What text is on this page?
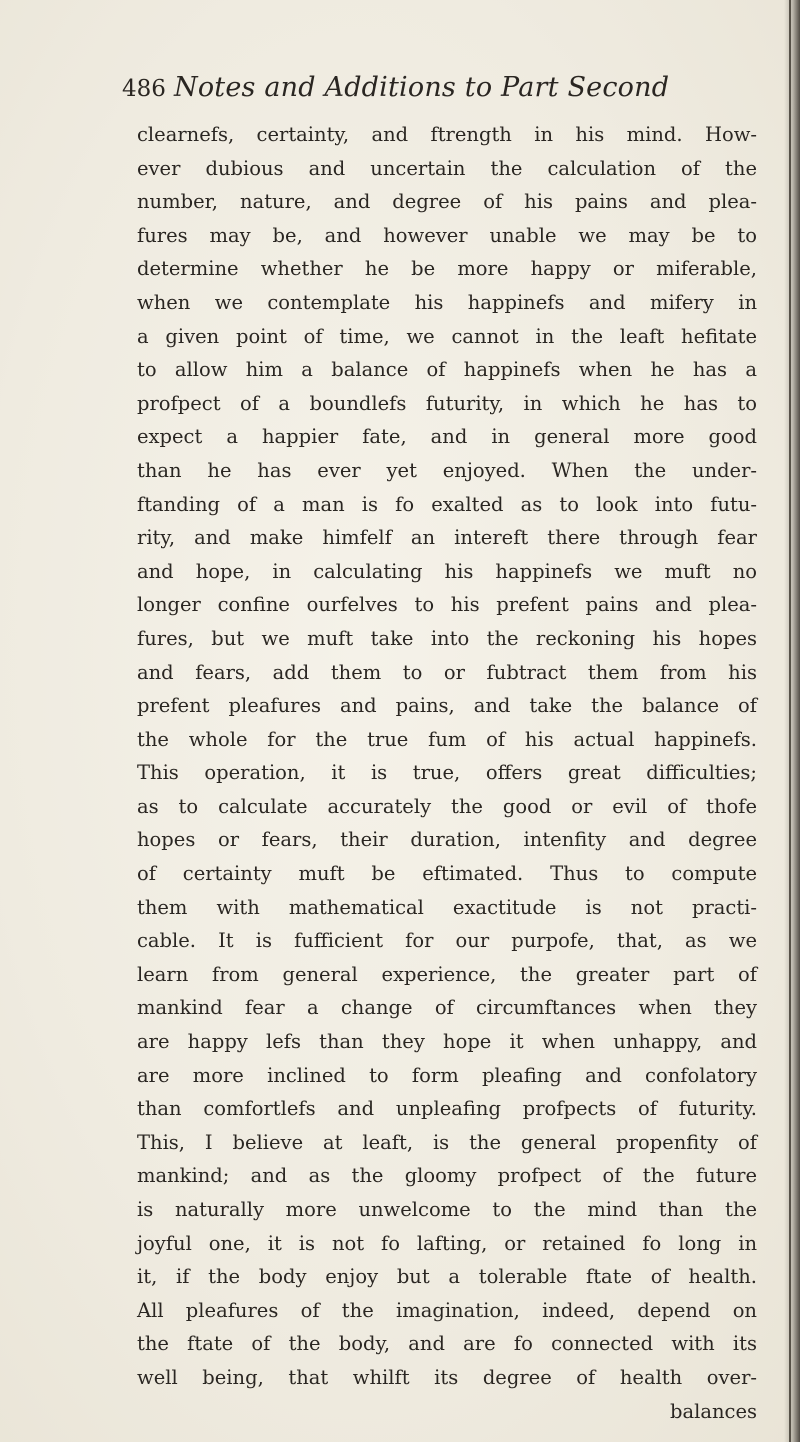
486 Notes and Additions to Part Second
clearnefs, certainty, and ftrength in his mind. How-
ever dubious and uncertain the calculation of the
number, nature, and degree of his pains and plea-
fures may be, and however unable we may be to
determine whether he be more happy or miferable,
when we contemplate his happinefs and mifery in
a given point of time, we cannot in the leaft hefitate
to allow him a balance of happinefs when he has a
profpect of a boundlefs futurity, in which he has to
expect a happier fate, and in general more good
than he has ever yet enjoyed. When the under-
ftanding of a man is fo exalted as to look into futu-
rity, and make himfelf an intereft there through fear
and hope, in calculating his happinefs we muft no
longer confine ourfelves to his prefent pains and plea-
fures, but we muft take into the reckoning his hopes
and fears, add them to or fubtract them from his
prefent pleafures and pains, and take the balance of
the whole for the true fum of his actual happinefs.
This operation, it is true, offers great difficulties;
as to calculate accurately the good or evil of thofe
hopes or fears, their duration, intenfity and degree
of certainty muft be eftimated. Thus to compute
them with mathematical exactitude is not practi-
cable. It is fufficient for our purpofe, that, as we
learn from general experience, the greater part of
mankind fear a change of circumftances when they
are happy lefs than they hope it when unhappy, and
are more inclined to form pleafing and confolatory
than comfortlefs and unpleafing profpects of futurity.
This, I believe at leaft, is the general propenfity of
mankind; and as the gloomy profpect of the future
is naturally more unwelcome to the mind than the
joyful one, it is not fo lafting, or retained fo long in
it, if the body enjoy but a tolerable ftate of health.
All pleafures of the imagination, indeed, depend on
the ftate of the body, and are fo connected with its
well being, that whilft its degree of health over-
balances
